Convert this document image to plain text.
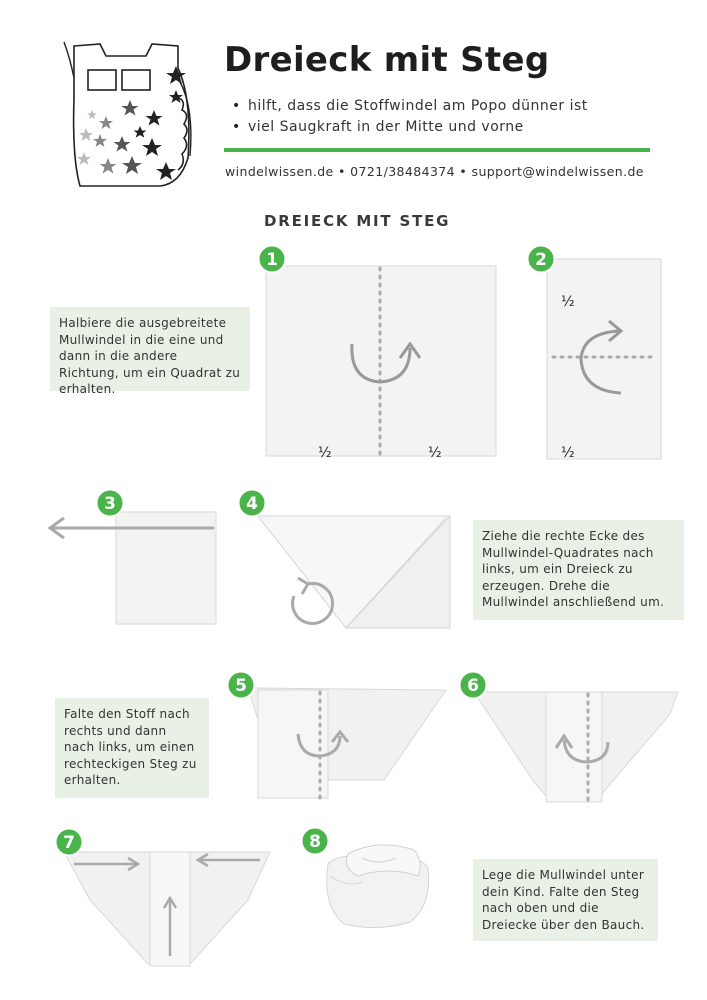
Dreieck mit Steg
• hilft, dass die Stoffwindel am Popo dünner ist
• viel Saugkraft in der Mitte und vorne
windelwissen.de • 0721/38484374 • support@windelwissen.de
DREIECK MIT STEG
1
½	½
Halbiere die ausgebreitete Mullwindel in die eine und dann in die andere Richtung, um ein Quadrat zu erhalten.
2
½
½
3	4
Ziehe die rechte Ecke des Mullwindel-Quadrates nach links, um ein Dreieck zu erzeugen. Drehe die Mullwindel anschließend um.
5	6
Falte den Stoff nach rechts und dann nach links, um einen rechteckigen Steg zu erhalten.
7	8
Lege die Mullwindel unter dein Kind. Falte den Steg nach oben und die Dreiecke über den Bauch.
